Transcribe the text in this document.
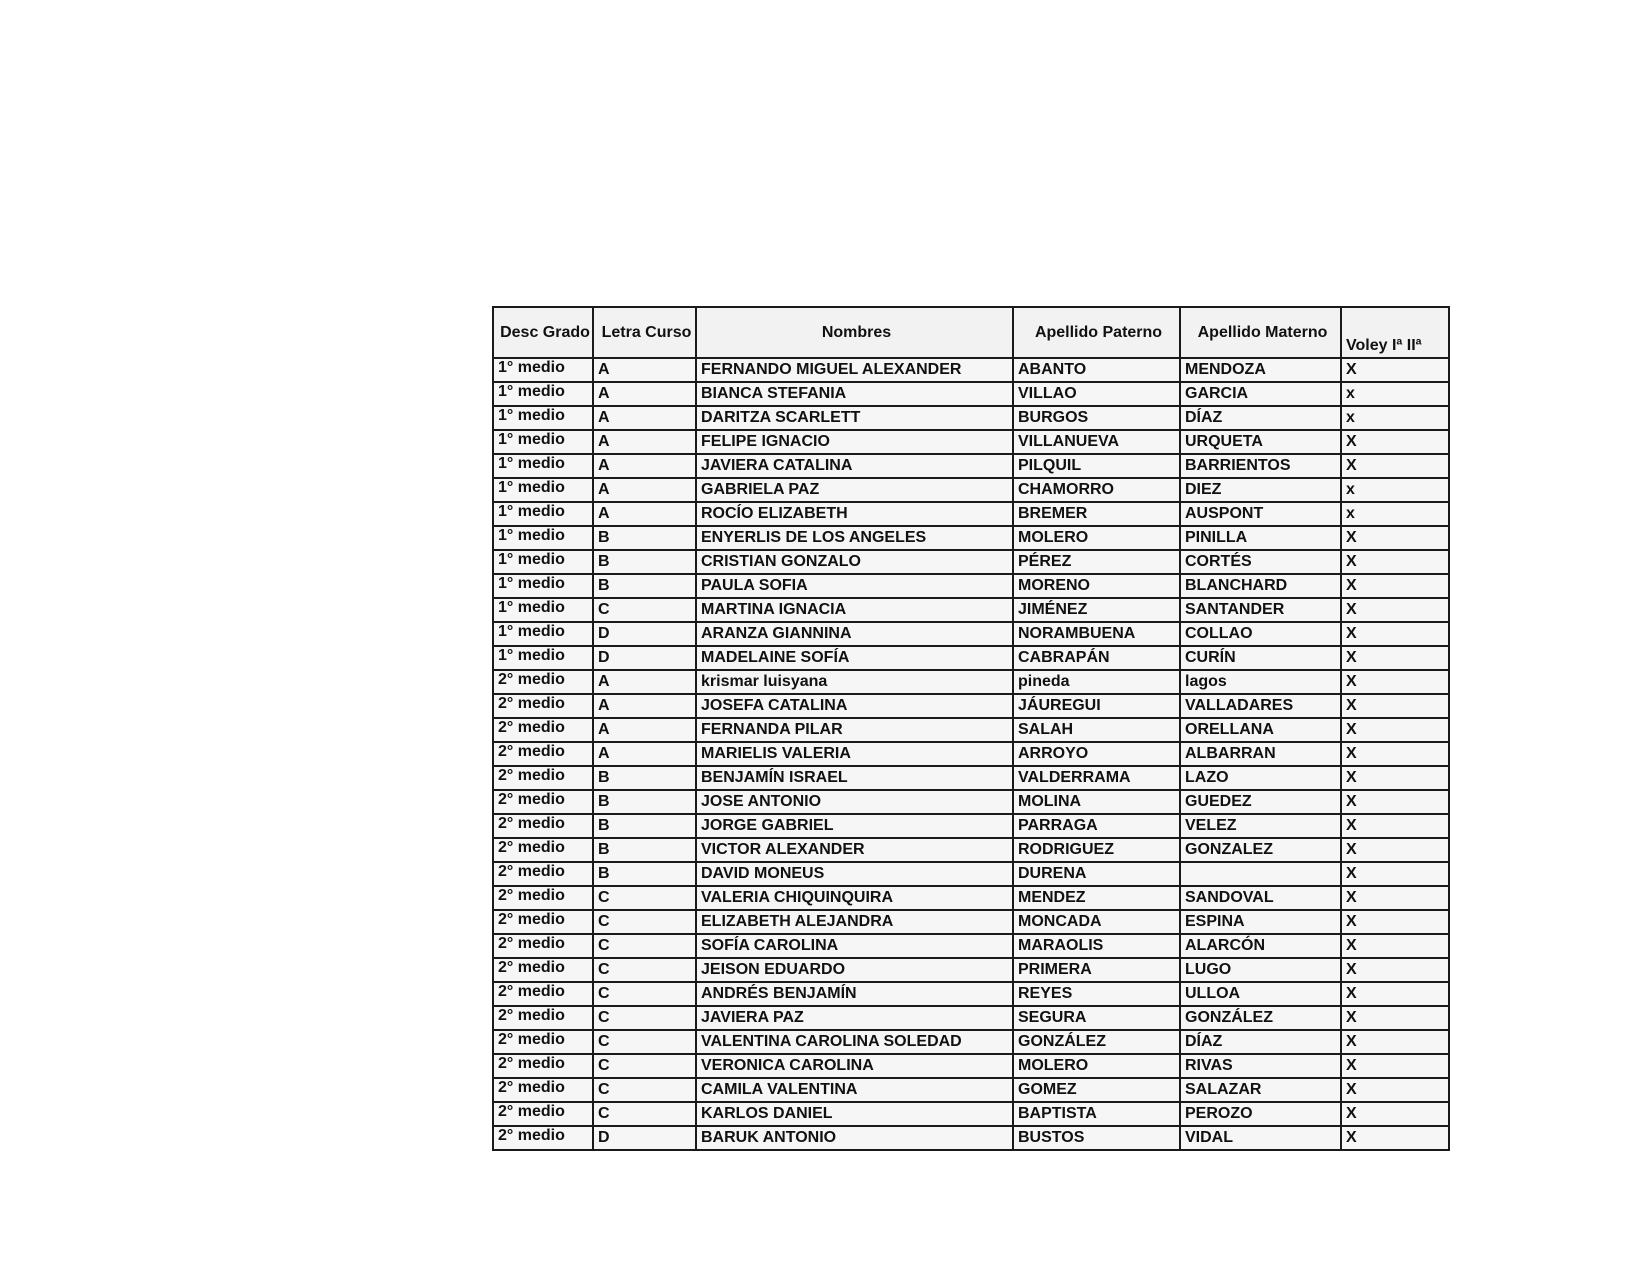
Desc Grado	Letra Curso	Nombres	Apellido Paterno	Apellido Materno	Voley Iª IIª
1° medio	A	FERNANDO MIGUEL ALEXANDER	ABANTO	MENDOZA	X
1° medio	A	BIANCA STEFANIA	VILLAO	GARCIA	x
1° medio	A	DARITZA SCARLETT	BURGOS	DÍAZ	x
1° medio	A	FELIPE IGNACIO	VILLANUEVA	URQUETA	X
1° medio	A	JAVIERA CATALINA	PILQUIL	BARRIENTOS	X
1° medio	A	GABRIELA PAZ	CHAMORRO	DIEZ	x
1° medio	A	ROCÍO ELIZABETH	BREMER	AUSPONT	x
1° medio	B	ENYERLIS DE LOS ANGELES	MOLERO	PINILLA	X
1° medio	B	CRISTIAN GONZALO	PÉREZ	CORTÉS	X
1° medio	B	PAULA SOFIA	MORENO	BLANCHARD	X
1° medio	C	MARTINA IGNACIA	JIMÉNEZ	SANTANDER	X
1° medio	D	ARANZA GIANNINA	NORAMBUENA	COLLAO	X
1° medio	D	MADELAINE SOFÍA	CABRAPÁN	CURÍN	X
2° medio	A	krismar luisyana	pineda	lagos	X
2° medio	A	JOSEFA CATALINA	JÁUREGUI	VALLADARES	X
2° medio	A	FERNANDA PILAR	SALAH	ORELLANA	X
2° medio	A	MARIELIS VALERIA	ARROYO	ALBARRAN	X
2° medio	B	BENJAMÍN ISRAEL	VALDERRAMA	LAZO	X
2° medio	B	JOSE ANTONIO	MOLINA	GUEDEZ	X
2° medio	B	JORGE GABRIEL	PARRAGA	VELEZ	X
2° medio	B	VICTOR ALEXANDER	RODRIGUEZ	GONZALEZ	X
2° medio	B	DAVID MONEUS	DURENA		X
2° medio	C	VALERIA CHIQUINQUIRA	MENDEZ	SANDOVAL	X
2° medio	C	ELIZABETH ALEJANDRA	MONCADA	ESPINA	X
2° medio	C	SOFÍA CAROLINA	MARAOLIS	ALARCÓN	X
2° medio	C	JEISON EDUARDO	PRIMERA	LUGO	X
2° medio	C	ANDRÉS BENJAMÍN	REYES	ULLOA	X
2° medio	C	JAVIERA PAZ	SEGURA	GONZÁLEZ	X
2° medio	C	VALENTINA CAROLINA SOLEDAD	GONZÁLEZ	DÍAZ	X
2° medio	C	VERONICA CAROLINA	MOLERO	RIVAS	X
2° medio	C	CAMILA VALENTINA	GOMEZ	SALAZAR	X
2° medio	C	KARLOS DANIEL	BAPTISTA	PEROZO	X
2° medio	D	BARUK ANTONIO	BUSTOS	VIDAL	X
